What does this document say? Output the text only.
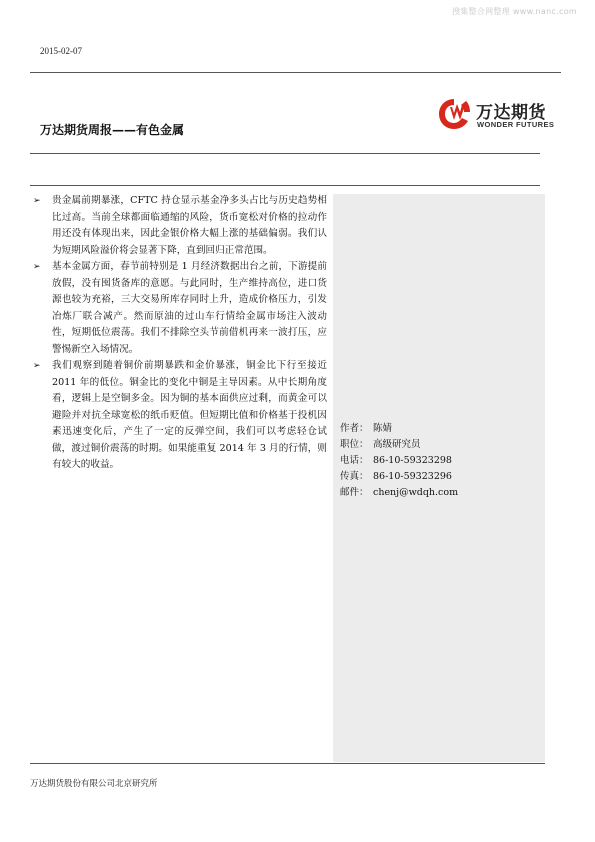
搜集整合网整理 www.nanc.com
2015-02-07
万达期货
WONDER FUTURES
万达期货周报——有色金属
作者： 陈婧
职位： 高级研究员
电话： 86-10-59323298
传真： 86-10-59323296
邮件： chenj@wdqh.com
➢ 贵金属前期暴涨，CFTC 持仓显示基金净多头占比与历史趋势相比过高。当前全球都面临通缩的风险，货币宽松对价格的拉动作用还没有体现出来，因此金银价格大幅上涨的基础偏弱。我们认为短期风险溢价将会显著下降，直到回归正常范围。
➢ 基本金属方面，春节前特别是 1 月经济数据出台之前，下游提前放假，没有囤货备库的意愿。与此同时，生产维持高位，进口货源也较为充裕，三大交易所库存同时上升，造成价格压力，引发冶炼厂联合减产。然而原油的过山车行情给金属市场注入波动性，短期低位震荡。我们不排除空头节前借机再来一波打压，应警惕新空入场情况。
➢ 我们观察到随着铜价前期暴跌和金价暴涨，铜金比下行至接近 2011 年的低位。铜金比的变化中铜是主导因素。从中长期角度看，逻辑上是空铜多金。因为铜的基本面供应过剩，而黄金可以避险并对抗全球宽松的纸币贬值。但短期比值和价格基于投机因素迅速变化后，产生了一定的反弹空间，我们可以考虑轻仓试做，渡过铜价震荡的时期。如果能重复 2014 年 3 月的行情，则有较大的收益。
万达期货股份有限公司北京研究所
